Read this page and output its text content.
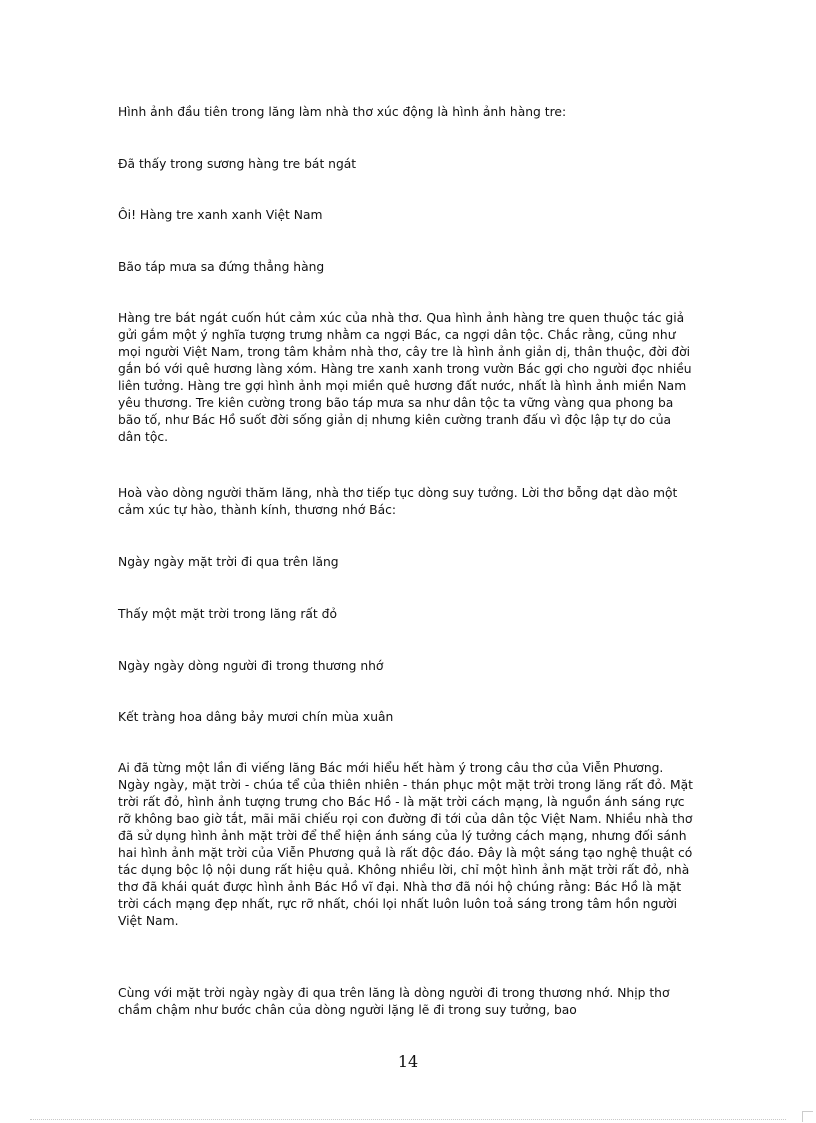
Hình ảnh đầu tiên trong lăng làm nhà thơ xúc động là hình ảnh hàng tre:

Đã thấy trong sương hàng tre bát ngát

Ôi! Hàng tre xanh xanh Việt Nam

Bão táp mưa sa đứng thẳng hàng

Hàng tre bát ngát cuốn hút cảm xúc của nhà thơ. Qua hình ảnh hàng tre quen thuộc tác giả gửi gắm một ý nghĩa tượng trưng nhằm ca ngợi Bác, ca ngợi dân tộc. Chắc rằng, cũng như mọi người Việt Nam, trong tâm khảm nhà thơ, cây tre là hình ảnh giản dị, thân thuộc, đời đời gắn bó với quê hương làng xóm. Hàng tre xanh xanh trong vườn Bác gợi cho người đọc nhiều liên tưởng. Hàng tre gợi hình ảnh mọi miền quê hương đất nước, nhất là hình ảnh miền Nam yêu thương. Tre kiên cường trong bão táp mưa sa như dân tộc ta vững vàng qua phong ba bão tố, như Bác Hồ suốt đời sống giản dị nhưng kiên cường tranh đấu vì độc lập tự do của dân tộc.

Hoà vào dòng người thăm lăng, nhà thơ tiếp tục dòng suy tưởng. Lời thơ bỗng dạt dào một cảm xúc tự hào, thành kính, thương nhớ Bác:

Ngày ngày mặt trời đi qua trên lăng

Thấy một mặt trời trong lăng rất đỏ

Ngày ngày dòng người đi trong thương nhớ

Kết tràng hoa dâng bảy mươi chín mùa xuân

Ai đã từng một lần đi viếng lăng Bác mới hiểu hết hàm ý trong câu thơ của Viễn Phương. Ngày ngày, mặt trời - chúa tể của thiên nhiên - thán phục một mặt trời trong lăng rất đỏ. Mặt trời rất đỏ, hình ảnh tượng trưng cho Bác Hồ - là mặt trời cách mạng, là nguồn ánh sáng rực rỡ không bao giờ tắt, mãi mãi chiếu rọi con đường đi tới của dân tộc Việt Nam. Nhiều nhà thơ đã sử dụng hình ảnh mặt trời để thể hiện ánh sáng của lý tưởng cách mạng, nhưng đối sánh hai hình ảnh mặt trời của Viễn Phương quả là rất độc đáo. Đây là một sáng tạo nghệ thuật có tác dụng bộc lộ nội dung rất hiệu quả. Không nhiều lời, chỉ một hình ảnh mặt trời rất đỏ, nhà thơ đã khái quát được hình ảnh Bác Hồ vĩ đại. Nhà thơ đã nói hộ chúng rằng: Bác Hồ là mặt trời cách mạng đẹp nhất, rực rỡ nhất, chói lọi nhất luôn luôn toả sáng trong tâm hồn người Việt Nam.

Cùng với mặt trời ngày ngày đi qua trên lăng là dòng người đi trong thương nhớ. Nhịp thơ chầm chậm như bước chân của dòng người lặng lẽ đi trong suy tưởng, bao

14
